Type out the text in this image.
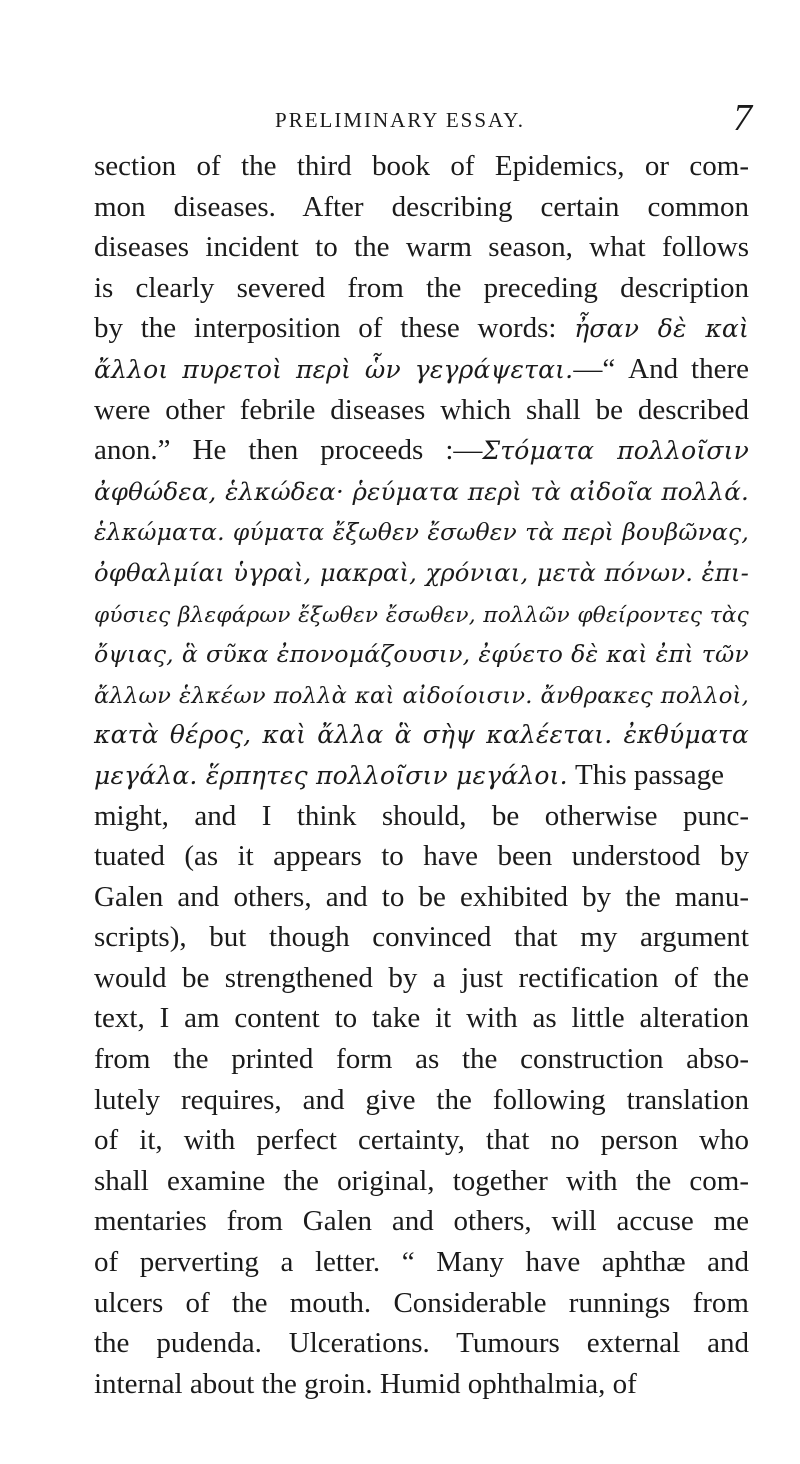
PRELIMINARY ESSAY.	7
section of the third book of Epidemics, or com-
mon diseases. After describing certain common
diseases incident to the warm season, what follows
is clearly severed from the preceding description
by the interposition of these words: ἦσαν δὲ καὶ
ἄλλοι πυρετοὶ περὶ ὧν γεγράψεται.—“ And there
were other febrile diseases which shall be described
anon.” He then proceeds :—Στόματα πολλοῖσιν
ἀφθώδεα, ἑλκώδεα· ῥεύματα περὶ τὰ αἰδοῖα πολλά.
ἑλκώματα. φύματα ἔξωθεν ἔσωθεν τὰ περὶ βουβῶνας,
ὀφθαλμίαι ὑγραὶ, μακραὶ, χρόνιαι, μετὰ πόνων. ἐπι-
φύσιες βλεφάρων ἔξωθεν ἔσωθεν, πολλῶν φθείροντες τὰς
ὄψιας, ἃ σῦκα ἐπονομάζουσιν, ἐφύετο δὲ καὶ ἐπὶ τῶν
ἄλλων ἑλκέων πολλὰ καὶ αἰδοίοισιν. ἄνθρακες πολλοὶ,
κατὰ θέρος, καὶ ἄλλα ἃ σὴψ καλέεται. ἐκθύματα
μεγάλα. ἕρπητες πολλοῖσιν μεγάλοι. This passage
might, and I think should, be otherwise punc-
tuated (as it appears to have been understood by
Galen and others, and to be exhibited by the manu-
scripts), but though convinced that my argument
would be strengthened by a just rectification of the
text, I am content to take it with as little alteration
from the printed form as the construction abso-
lutely requires, and give the following translation
of it, with perfect certainty, that no person who
shall examine the original, together with the com-
mentaries from Galen and others, will accuse me
of perverting a letter. “ Many have aphthæ and
ulcers of the mouth. Considerable runnings from
the pudenda. Ulcerations. Tumours external and
internal about the groin. Humid ophthalmia, of
